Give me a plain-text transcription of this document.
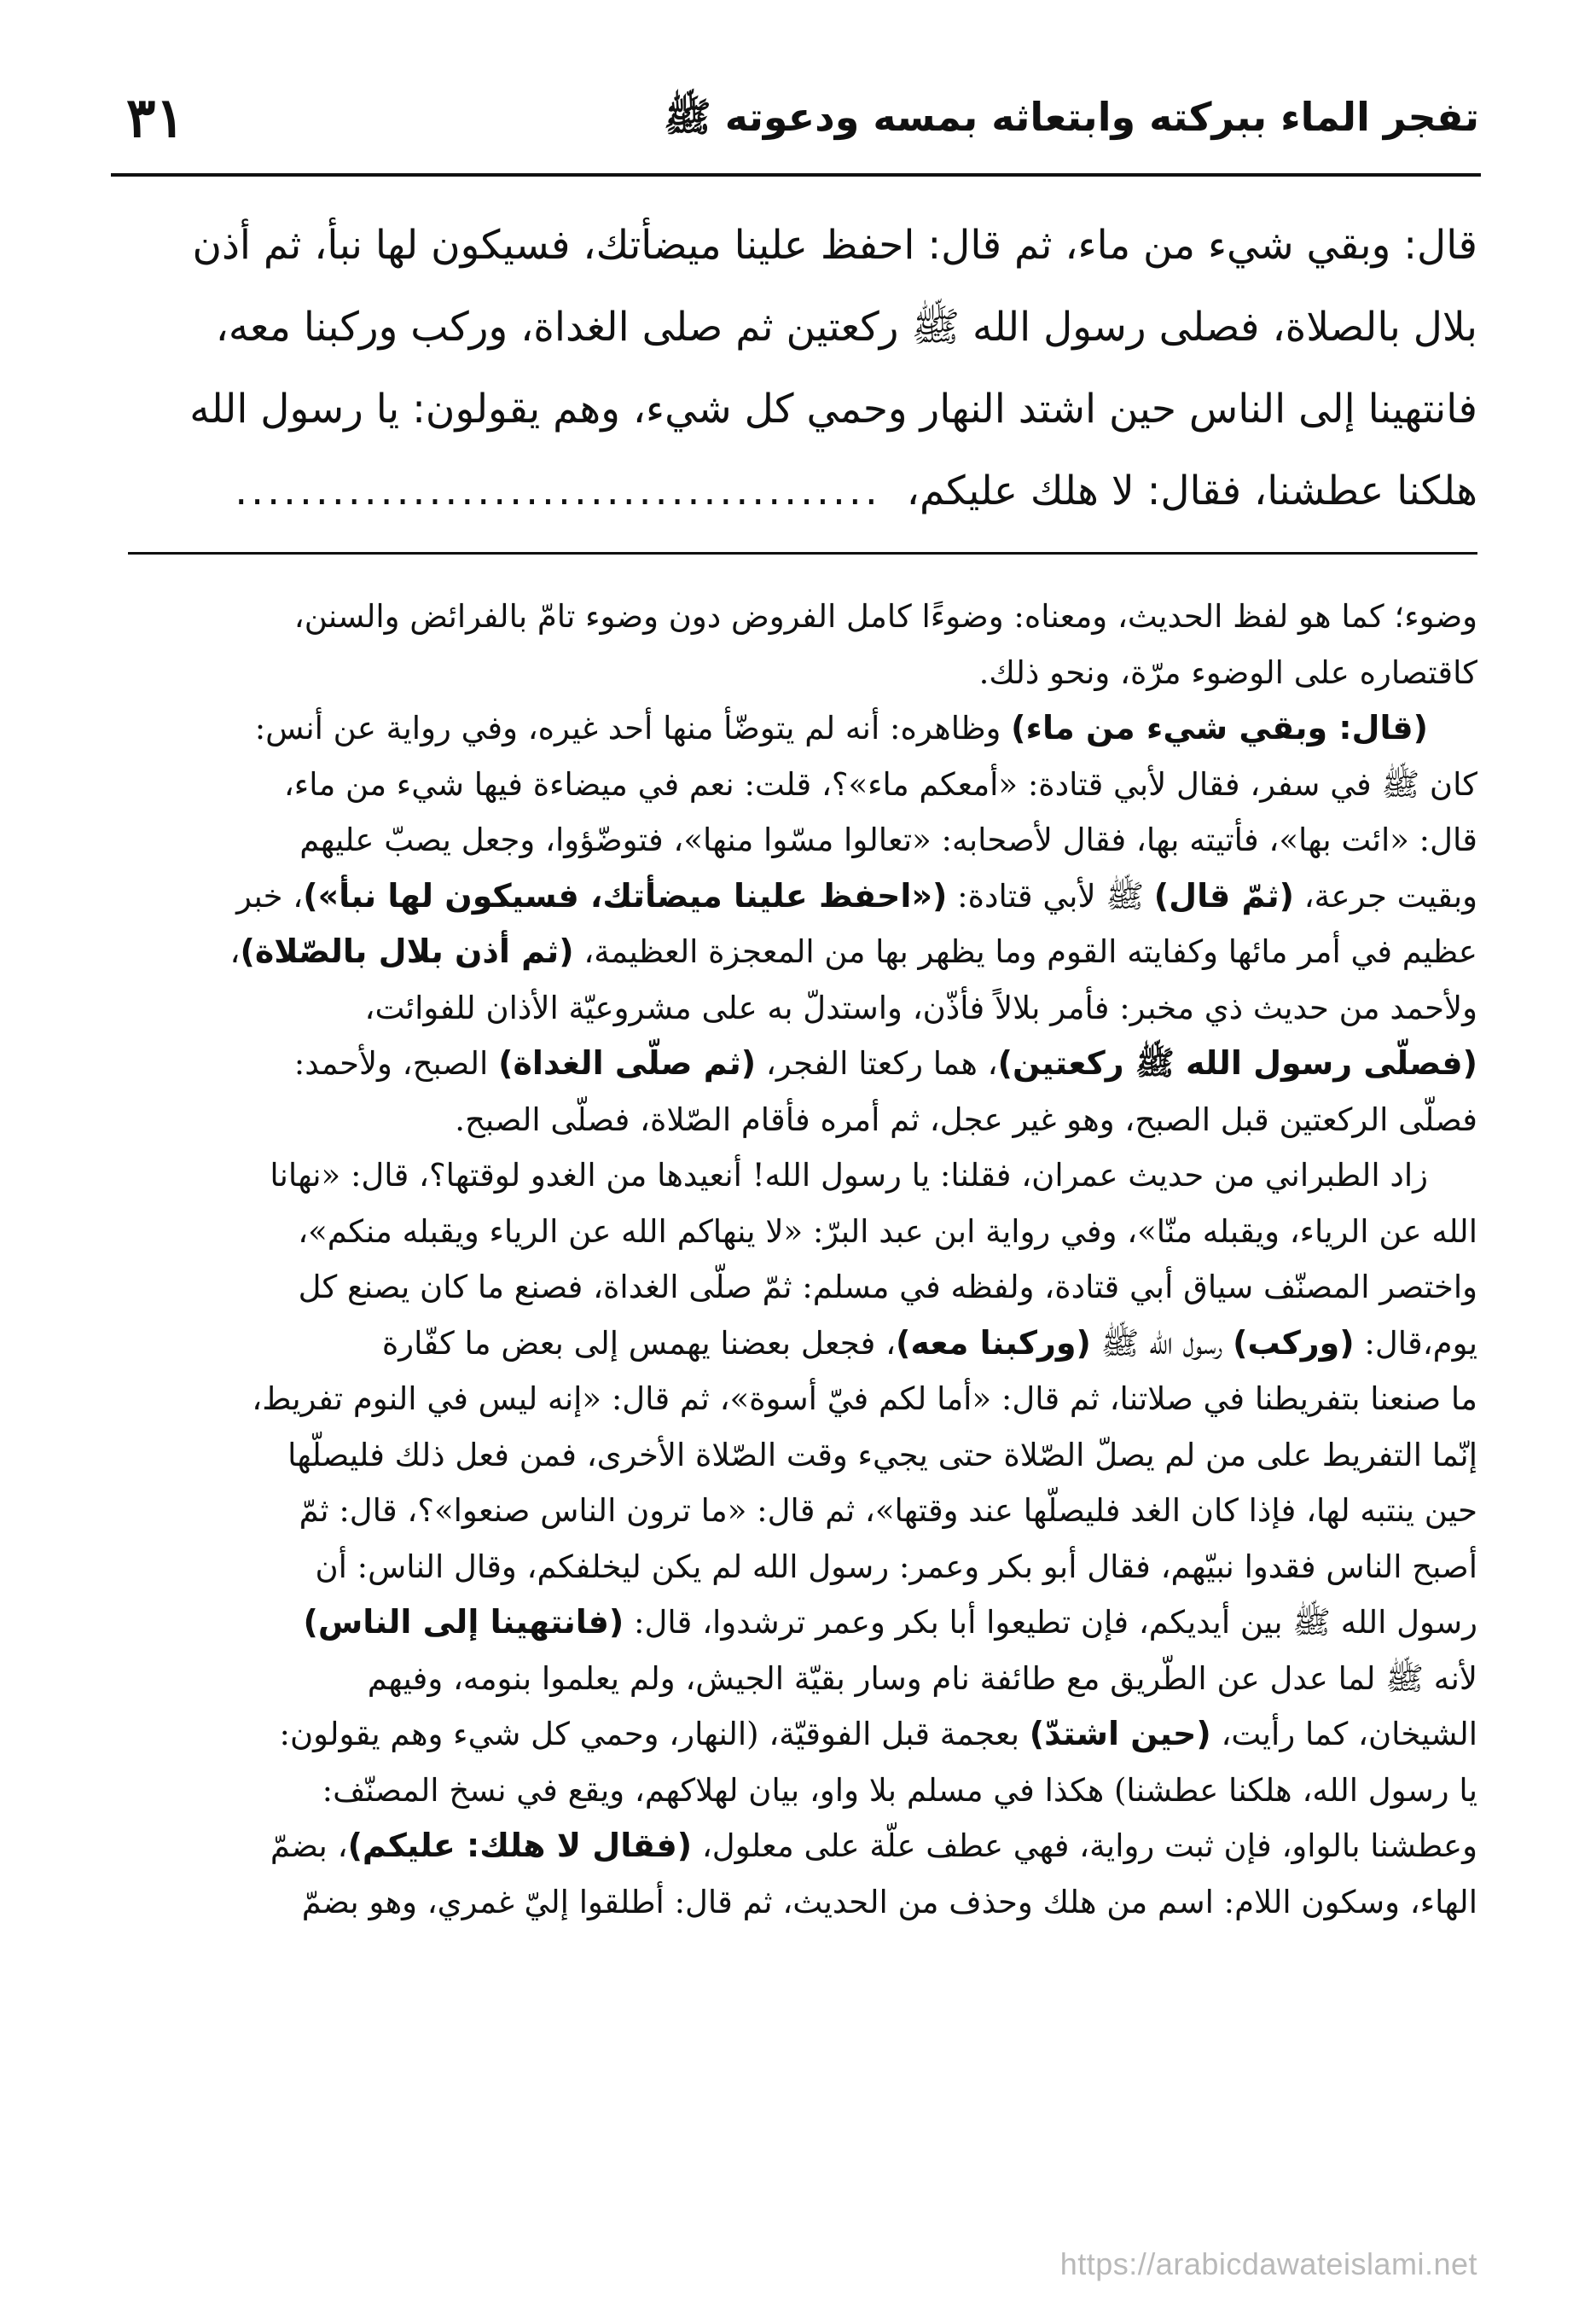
٣١	تفجر الماء ببركته وابتعاثه بمسه ودعوته ﷺ
قال: وبقي شيء من ماء، ثم قال: احفظ علينا ميضأتك، فسيكون لها نبأ، ثم أذن
بلال بالصلاة، فصلى رسول الله ﷺ ركعتين ثم صلى الغداة، وركب وركبنا معه،
فانتهينا إلى الناس حين اشتد النهار وحمي كل شيء، وهم يقولون: يا رسول الله
هلكنا عطشنا، فقال: لا هلك عليكم،........................................
وضوء؛ كما هو لفظ الحديث، ومعناه: وضوءًا كامل الفروض دون وضوء تامّ بالفرائض والسنن،
كاقتصاره على الوضوء مرّة، ونحو ذلك.
(قال: وبقي شيء من ماء) وظاهره: أنه لم يتوضّأ منها أحد غيره، وفي رواية عن أنس:
كان ﷺ في سفر، فقال لأبي قتادة: «أمعكم ماء»؟، قلت: نعم في ميضاءة فيها شيء من ماء،
قال: «ائت بها»، فأتيته بها، فقال لأصحابه: «تعالوا مسّوا منها»، فتوضّؤوا، وجعل يصبّ عليهم
وبقيت جرعة، (ثمّ قال) ﷺ لأبي قتادة: («احفظ علينا ميضأتك، فسيكون لها نبأ»)، خبر
عظيم في أمر مائها وكفايته القوم وما يظهر بها من المعجزة العظيمة، (ثم أذن بلال بالصّلاة)،
ولأحمد من حديث ذي مخبر: فأمر بلالاً فأذّن، واستدلّ به على مشروعيّة الأذان للفوائت،
(فصلّى رسول الله ﷺ ركعتين)، هما ركعتا الفجر، (ثم صلّى الغداة) الصبح، ولأحمد:
فصلّى الركعتين قبل الصبح، وهو غير عجل، ثم أمره فأقام الصّلاة، فصلّى الصبح.
زاد الطبراني من حديث عمران، فقلنا: يا رسول الله! أنعيدها من الغدو لوقتها؟، قال: «نهانا
الله عن الرياء، ويقبله منّا»، وفي رواية ابن عبد البرّ: «لا ينهاكم الله عن الرياء ويقبله منكم»،
واختصر المصنّف سياق أبي قتادة، ولفظه في مسلم: ثمّ صلّى الغداة، فصنع ما كان يصنع كل
يوم،قال: (وركب) رسول الله ﷺ (وركبنا معه)، فجعل بعضنا يهمس إلى بعض ما كفّارة
ما صنعنا بتفريطنا في صلاتنا، ثم قال: «أما لكم فيّ أسوة»، ثم قال: «إنه ليس في النوم تفريط،
إنّما التفريط على من لم يصلّ الصّلاة حتى يجيء وقت الصّلاة الأخرى، فمن فعل ذلك فليصلّها
حين ينتبه لها، فإذا كان الغد فليصلّها عند وقتها»، ثم قال: «ما ترون الناس صنعوا»؟، قال: ثمّ
أصبح الناس فقدوا نبيّهم، فقال أبو بكر وعمر: رسول الله لم يكن ليخلفكم، وقال الناس: أن
رسول الله ﷺ بين أيديكم، فإن تطيعوا أبا بكر وعمر ترشدوا، قال: (فانتهينا إلى الناس)
لأنه ﷺ لما عدل عن الطّريق مع طائفة نام وسار بقيّة الجيش، ولم يعلموا بنومه، وفيهم
الشيخان، كما رأيت، (حين اشتدّ) بعجمة قبل الفوقيّة، (النهار، وحمي كل شيء وهم يقولون:
يا رسول الله، هلكنا عطشنا) هكذا في مسلم بلا واو، بيان لهلاكهم، ويقع في نسخ المصنّف:
وعطشنا بالواو، فإن ثبت رواية، فهي عطف علّة على معلول، (فقال لا هلك: عليكم)، بضمّ
الهاء، وسكون اللام: اسم من هلك وحذف من الحديث، ثم قال: أطلقوا إليّ غمري، وهو بضمّ
https://arabicdawateislami.net
